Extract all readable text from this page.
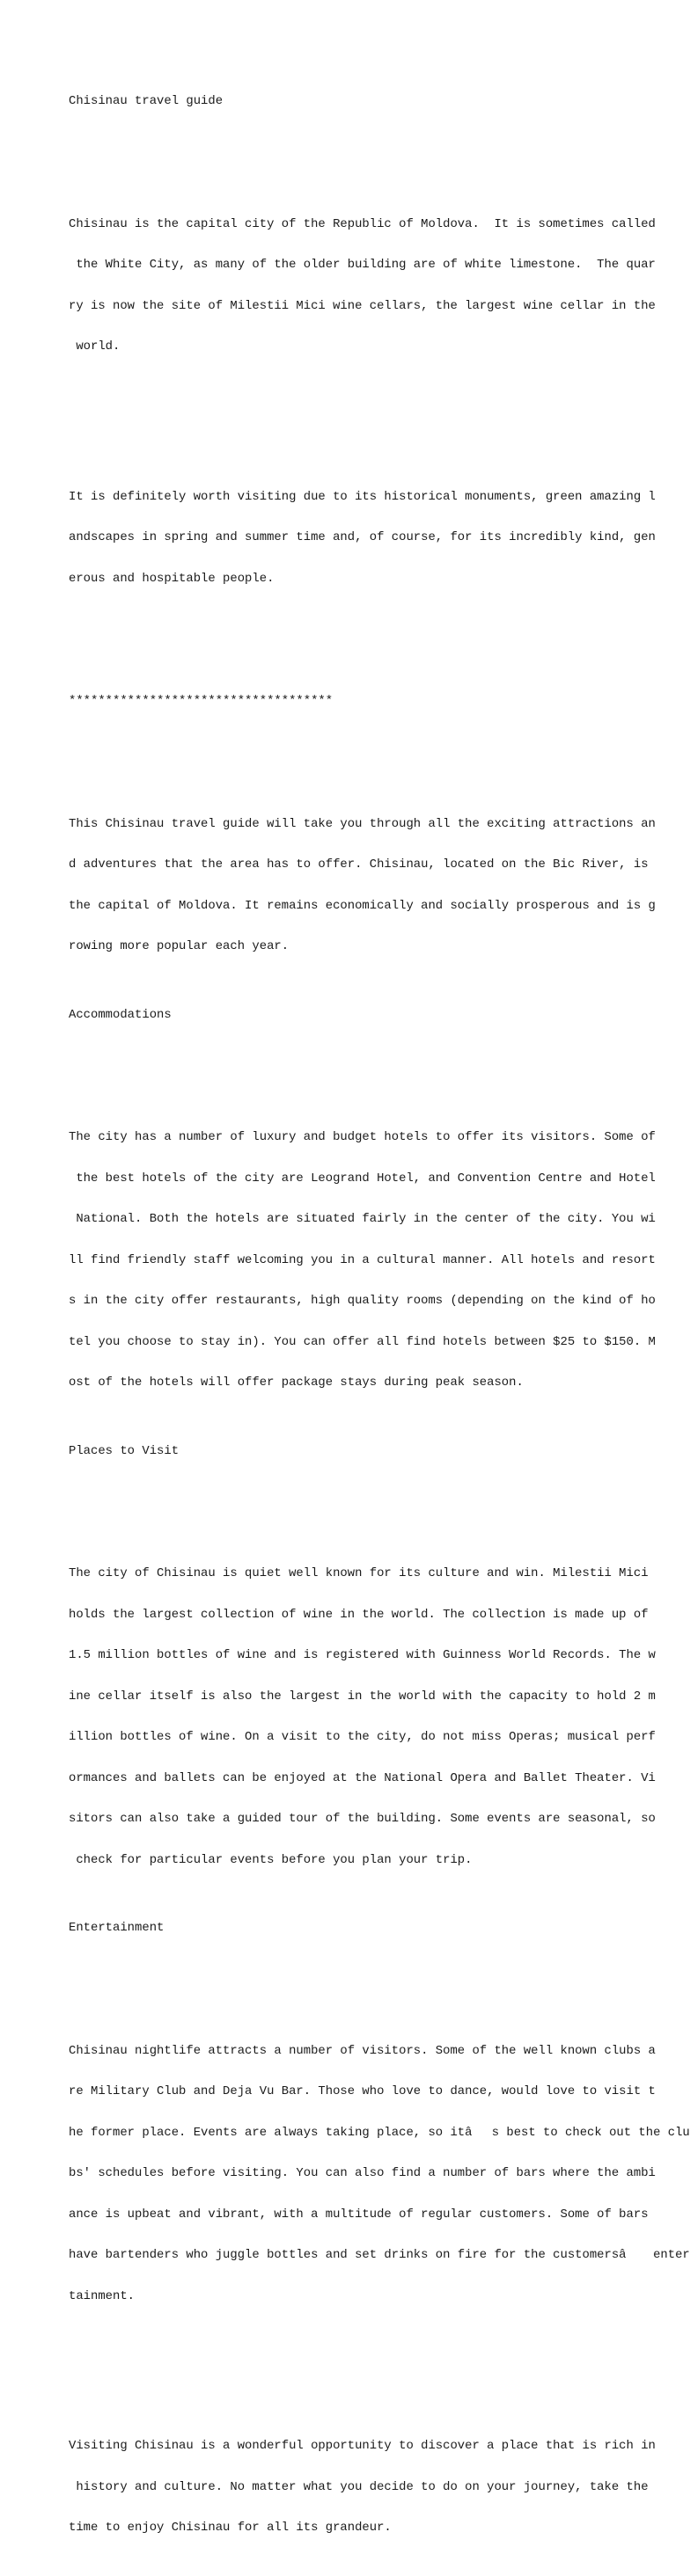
Chisinau travel guide

Chisinau is the capital city of the Republic of Moldova.  It is sometimes called

the White City, as many of the older building are of white limestone.  The quar

ry is now the site of Milestii Mici wine cellars, the largest wine cellar in the

world.

It is definitely worth visiting due to its historical monuments, green amazing l

andscapes in spring and summer time and, of course, for its incredibly kind, gen

erous and hospitable people.

************************************

This Chisinau travel guide will take you through all the exciting attractions an

d adventures that the area has to offer. Chisinau, located on the Bic River, is

the capital of Moldova. It remains economically and socially prosperous and is g

rowing more popular each year.

Accommodations

The city has a number of luxury and budget hotels to offer its visitors. Some of

the best hotels of the city are Leogrand Hotel, and Convention Centre and Hotel

National. Both the hotels are situated fairly in the center of the city. You wi

ll find friendly staff welcoming you in a cultural manner. All hotels and resort

s in the city offer restaurants, high quality rooms (depending on the kind of ho

tel you choose to stay in). You can offer all find hotels between $25 to $150. M

ost of the hotels will offer package stays during peak season.

Places to Visit

The city of Chisinau is quiet well known for its culture and win. Milestii Mici

holds the largest collection of wine in the world. The collection is made up of

1.5 million bottles of wine and is registered with Guinness World Records. The w

ine cellar itself is also the largest in the world with the capacity to hold 2 m

illion bottles of wine. On a visit to the city, do not miss Operas; musical perf

ormances and ballets can be enjoyed at the National Opera and Ballet Theater. Vi

sitors can also take a guided tour of the building. Some events are seasonal, so

check for particular events before you plan your trip.

Entertainment

Chisinau nightlife attracts a number of visitors. Some of the well known clubs a

re Military Club and Deja Vu Bar. Those who love to dance, would love to visit t

he former place. Events are always taking place, so itâs best to check out the clu

bs' schedules before visiting. You can also find a number of bars where the ambi

ance is upbeat and vibrant, with a multitude of regular customers. Some of bars

have bartenders who juggle bottles and set drinks on fire for the customersâ enter

tainment.

Visiting Chisinau is a wonderful opportunity to discover a place that is rich in

history and culture. No matter what you decide to do on your journey, take the

time to enjoy Chisinau for all its grandeur.
